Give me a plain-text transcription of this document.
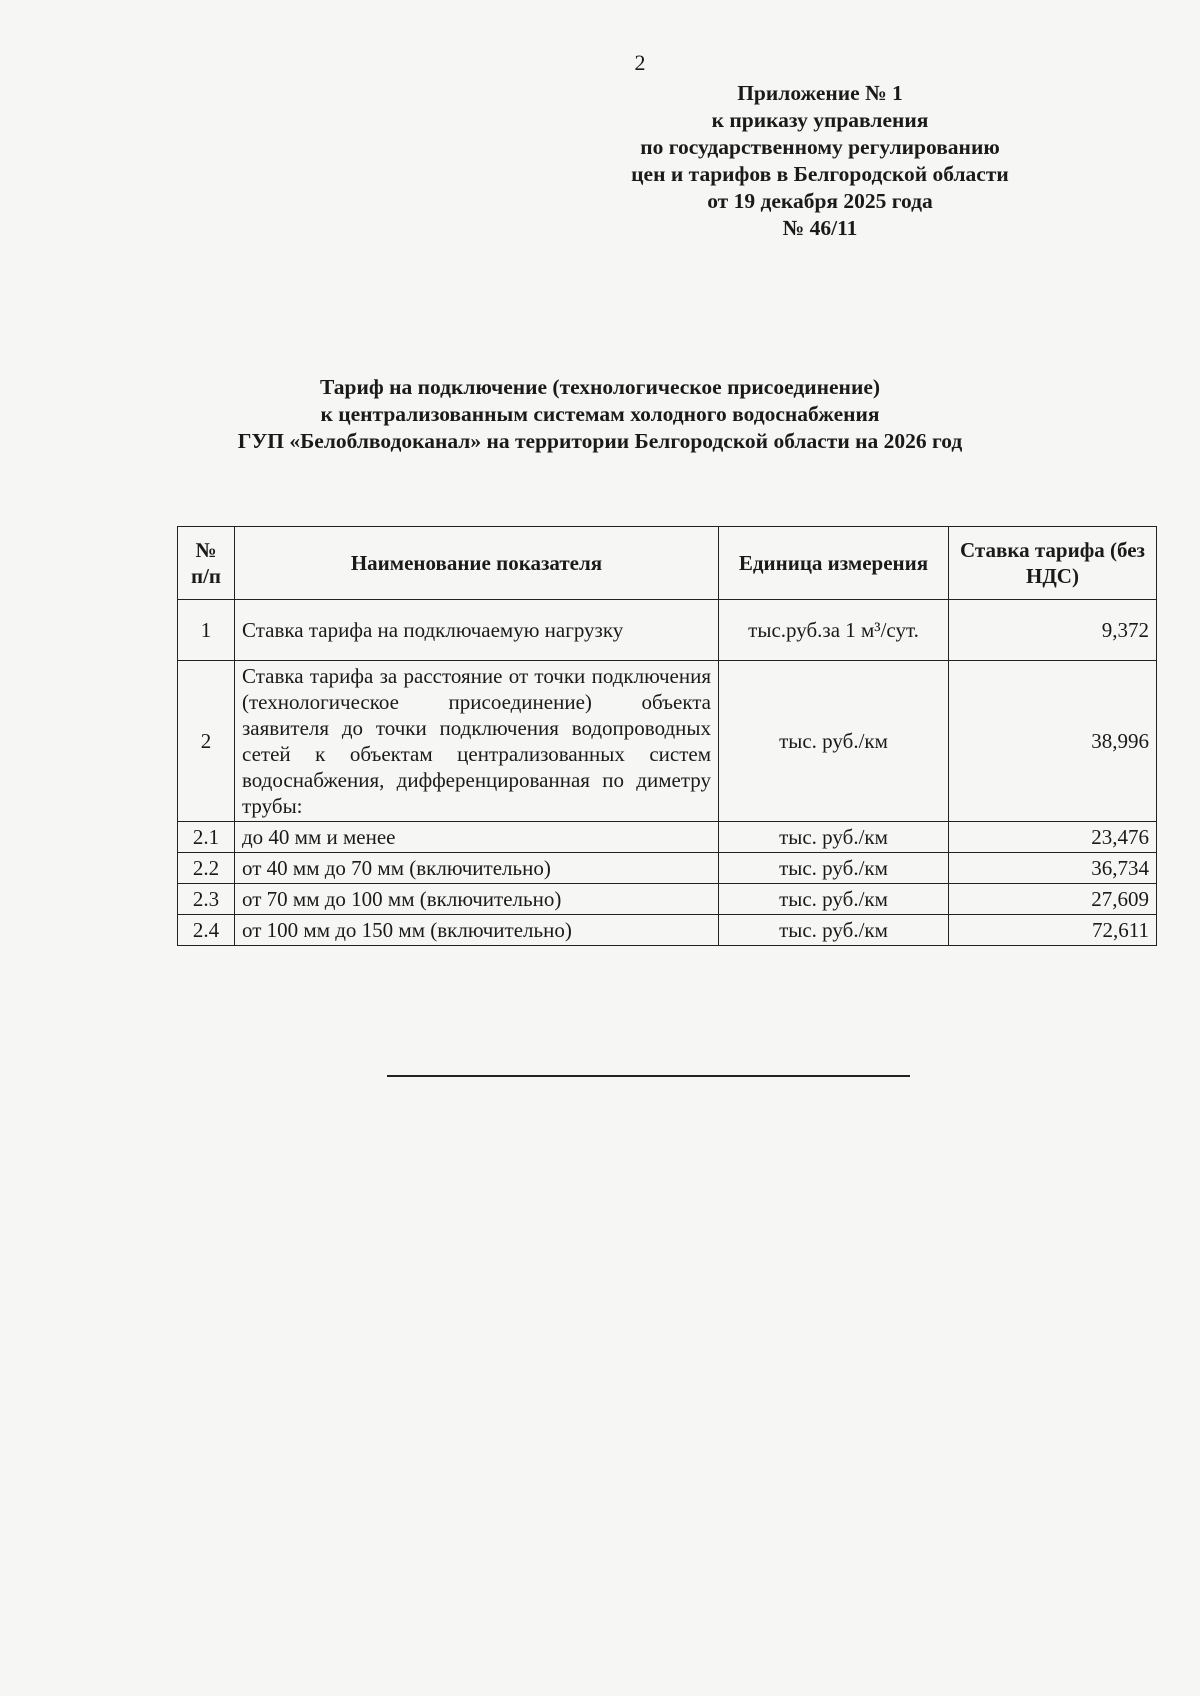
2
Приложение № 1
к приказу управления
по государственному регулированию
цен и тарифов в Белгородской области
от 19 декабря 2025 года
№ 46/11
Тариф на подключение (технологическое присоединение)
к централизованным системам холодного водоснабжения
ГУП «Белоблводоканал» на территории Белгородской области на 2026 год
№ п/п	Наименование показателя	Единица измерения	Ставка тарифа (без НДС)
1	Ставка тарифа на подключаемую нагрузку	тыс.руб.за 1 м³/сут.	9,372
2	Ставка тарифа за расстояние от точки подключения (технологическое присоединение) объекта заявителя до точки подключения водопроводных сетей к объектам централизованных систем водоснабжения, дифференцированная по диметру трубы:	тыс. руб./км	38,996
2.1	до 40 мм и менее	тыс. руб./км	23,476
2.2	от 40 мм до 70 мм (включительно)	тыс. руб./км	36,734
2.3	от 70 мм до 100 мм (включительно)	тыс. руб./км	27,609
2.4	от 100 мм до 150 мм (включительно)	тыс. руб./км	72,611
